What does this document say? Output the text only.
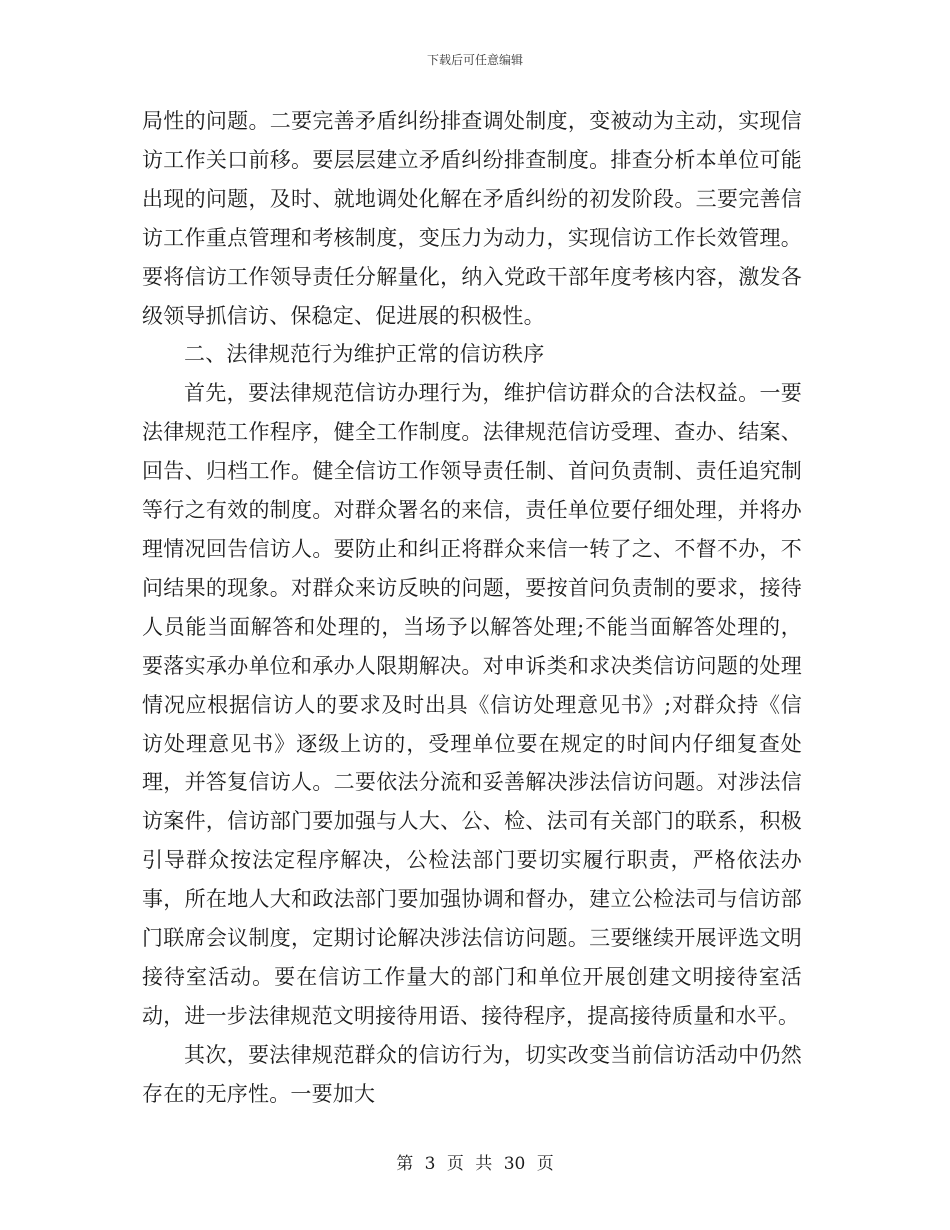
下载后可任意编辑

局性的问题。二要完善矛盾纠纷排查调处制度，变被动为主动，实现信访工作关口前移。要层层建立矛盾纠纷排查制度。排查分析本单位可能出现的问题，及时、就地调处化解在矛盾纠纷的初发阶段。三要完善信访工作重点管理和考核制度，变压力为动力，实现信访工作长效管理。要将信访工作领导责任分解量化，纳入党政干部年度考核内容，激发各级领导抓信访、保稳定、促进展的积极性。

二、法律规范行为维护正常的信访秩序

首先，要法律规范信访办理行为，维护信访群众的合法权益。一要法律规范工作程序，健全工作制度。法律规范信访受理、查办、结案、回告、归档工作。健全信访工作领导责任制、首问负责制、责任追究制等行之有效的制度。对群众署名的来信，责任单位要仔细处理，并将办理情况回告信访人。要防止和纠正将群众来信一转了之、不督不办，不问结果的现象。对群众来访反映的问题，要按首问负责制的要求，接待人员能当面解答和处理的，当场予以解答处理;不能当面解答处理的，要落实承办单位和承办人限期解决。对申诉类和求决类信访问题的处理情况应根据信访人的要求及时出具《信访处理意见书》;对群众持《信访处理意见书》逐级上访的，受理单位要在规定的时间内仔细复查处理，并答复信访人。二要依法分流和妥善解决涉法信访问题。对涉法信访案件，信访部门要加强与人大、公、检、法司有关部门的联系，积极引导群众按法定程序解决，公检法部门要切实履行职责，严格依法办事，所在地人大和政法部门要加强协调和督办，建立公检法司与信访部门联席会议制度，定期讨论解决涉法信访问题。三要继续开展评选文明接待室活动。要在信访工作量大的部门和单位开展创建文明接待室活动，进一步法律规范文明接待用语、接待程序，提高接待质量和水平。

其次，要法律规范群众的信访行为，切实改变当前信访活动中仍然存在的无序性。一要加大

第 3 页 共 30 页
